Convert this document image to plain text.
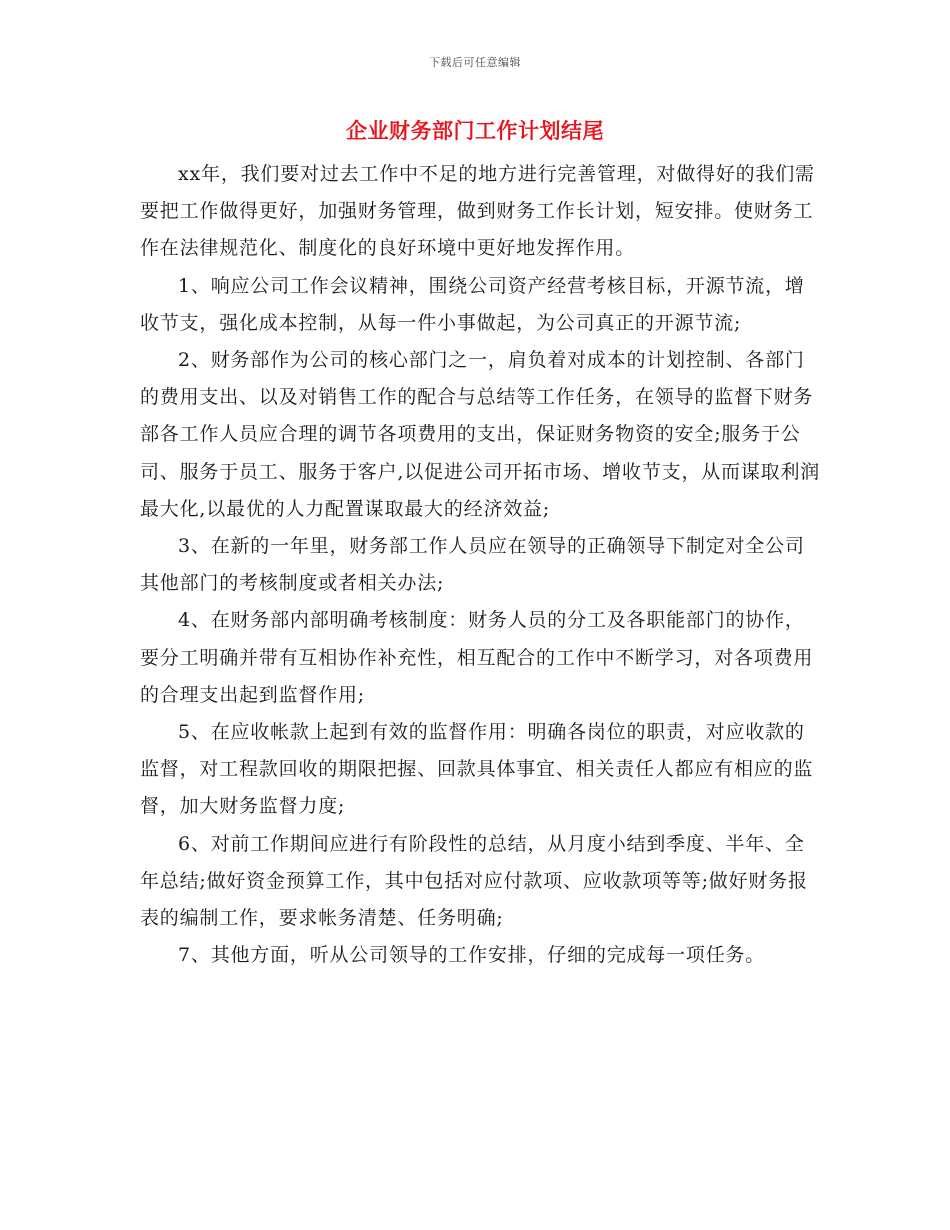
下载后可任意编辑
企业财务部门工作计划结尾

xx年，我们要对过去工作中不足的地方进行完善管理，对做得好的我们需要把工作做得更好，加强财务管理，做到财务工作长计划，短安排。使财务工作在法律规范化、制度化的良好环境中更好地发挥作用。

1、响应公司工作会议精神，围绕公司资产经营考核目标，开源节流，增收节支，强化成本控制，从每一件小事做起，为公司真正的开源节流;

2、财务部作为公司的核心部门之一，肩负着对成本的计划控制、各部门的费用支出、以及对销售工作的配合与总结等工作任务，在领导的监督下财务部各工作人员应合理的调节各项费用的支出，保证财务物资的安全;服务于公司、服务于员工、服务于客户,以促进公司开拓市场、增收节支，从而谋取利润最大化,以最优的人力配置谋取最大的经济效益;

3、在新的一年里，财务部工作人员应在领导的正确领导下制定对全公司其他部门的考核制度或者相关办法;

4、在财务部内部明确考核制度：财务人员的分工及各职能部门的协作，要分工明确并带有互相协作补充性，相互配合的工作中不断学习，对各项费用的合理支出起到监督作用;

5、在应收帐款上起到有效的监督作用：明确各岗位的职责，对应收款的监督，对工程款回收的期限把握、回款具体事宜、相关责任人都应有相应的监督，加大财务监督力度;

6、对前工作期间应进行有阶段性的总结，从月度小结到季度、半年、全年总结;做好资金预算工作，其中包括对应付款项、应收款项等等;做好财务报表的编制工作，要求帐务清楚、任务明确;

7、其他方面，听从公司领导的工作安排，仔细的完成每一项任务。
